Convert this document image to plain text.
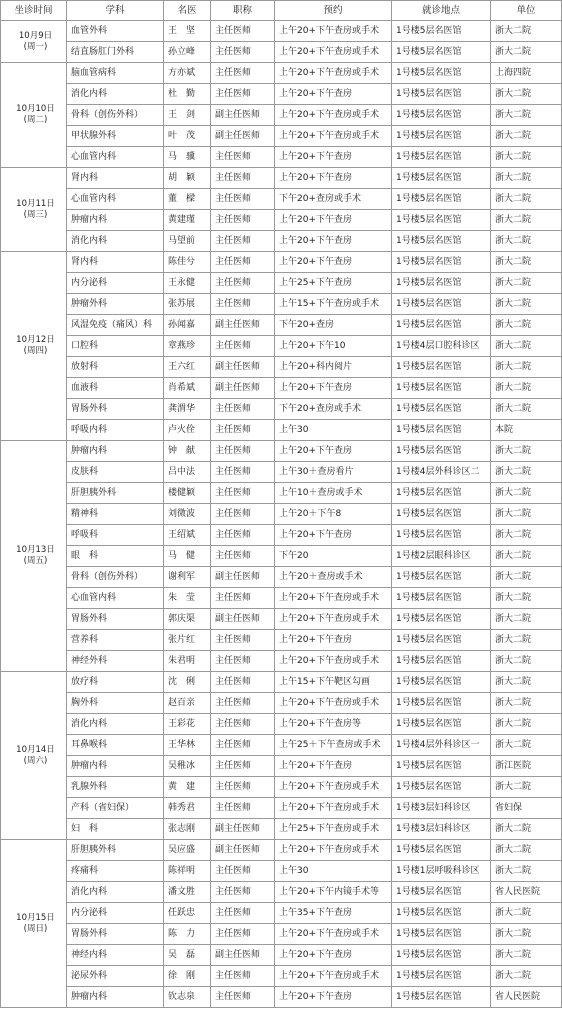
坐诊时间	学科	名医	职称	预约	就诊地点	单位

10月9日
(周一)	血管外科	王　坚	主任医师	上午20+下午查房或手术	1号楼5层名医馆	浙大二院
	结直肠肛门外科	孙立峰	主任医师	上午20+下午查房或手术	1号楼5层名医馆	浙大二院

10月10日
(周二)	脑血管病科	方亦斌	主任医师	上午20+下午查房或手术	1号楼5层名医馆	上海四院
	消化内科	杜　勤	主任医师	上午20+下午查房	1号楼5层名医馆	浙大二院
	骨科（创伤外科）	王　剑	副主任医师	上午20+下午查房或手术	1号楼5层名医馆	浙大二院
	甲状腺外科	叶　茂	副主任医师	上午20+下午查房或手术	1号楼5层名医馆	浙大二院
	心血管内科	马　骥	主任医师	上午20+下午查房	1号楼5层名医馆	浙大二院

10月11日
(周三)	肾内科	胡　颖	主任医师	上午20+下午查房	1号楼5层名医馆	浙大二院
	心血管内科	董　樑	主任医师	下午20+查房或手术	1号楼5层名医馆	浙大二院
	肿瘤内科	黄建瑾	主任医师	上午20+下午查房	1号楼5层名医馆	浙大二院
	消化内科	马望前	主任医师	上午20+下午查房	1号楼5层名医馆	浙大二院

10月12日
(周四)	肾内科	陈佳兮	主任医师	上午20+下午查房	1号楼5层名医馆	浙大二院
	内分泌科	王永健	主任医师	上午25+下午查房	1号楼5层名医馆	浙大二院
	肿瘤外科	张苏展	主任医师	上午15+下午查房或手术	1号楼5层名医馆	浙大二院
	风湿免疫（痛风）科	孙闻嘉	副主任医师	下午20+查房	1号楼5层名医馆	浙大二院
	口腔科	章燕珍	主任医师	上午20+下午10	1号楼4层口腔科诊区	浙大二院
	放射科	王六红	副主任医师	上午20+科内阅片	1号楼5层名医馆	浙大二院
	血液科	肖希斌	副主任医师	上午20+下午查房	1号楼5层名医馆	浙大二院
	胃肠外科	龚渭华	主任医师	下午20+查房或手术	1号楼5层名医馆	浙大二院
	呼吸内科	卢火佺	主任医师	上午30	1号楼5层名医馆	本院

10月13日
(周五)	肿瘤内科	钟　献	主任医师	上午20+下午查房	1号楼5层名医馆	浙大二院
	皮肤科	吕中法	主任医师	上午30＋查房看片	1号楼4层外科诊区二	浙大二院
	肝胆胰外科	楼健颖	主任医师	上午10＋查房或手术	1号楼5层名医馆	浙大二院
	精神科	刘微波	主任医师	上午20＋下午8	1号楼5层名医馆	浙大二院
	呼吸科	王绍斌	主任医师	上午20+下午查房	1号楼5层名医馆	浙大二院
	眼　科	马　健	主任医师	下午20	1号楼2层眼科诊区	浙大二院
	骨科（创伤外科）	谢利军	副主任医师	上午20＋查房或手术	1号楼5层名医馆	浙大二院
	心血管内科	朱　莹	主任医师	上午20+下午查房或手术	1号楼5层名医馆	浙大二院
	胃肠外科	郭庆渠	副主任医师	上午20+下午查房或手术	1号楼5层名医馆	浙大二院
	营养科	张片红	主任医师	上午20+下午查房	1号楼5层名医馆	浙大二院
	神经外科	朱君明	主任医师	上午20+下午查房或手术	1号楼5层名医馆	浙大二院

10月14日
(周六)	放疗科	沈　俐	主任医师	上午15+下午靶区勾画	1号楼5层名医馆	浙大二院
	胸外科	赵百亲	主任医师	上午20+下午查房或手术	1号楼5层名医馆	浙大二院
	消化内科	王彩花	主任医师	上午20+下午查房等	1号楼5层名医馆	浙大二院
	耳鼻喉科	王华林	主任医师	上午25＋下午查房或手术	1号楼4层外科诊区一	浙大二院
	肿瘤内科	吴稚冰	主任医师	上午20+下午查房	1号楼5层名医馆	浙江医院
	乳腺外科	黄　建	主任医师	上午20+下午查房或手术	1号楼5层名医馆	浙大二院
	产科（省妇保）	韩秀君	主任医师	上午20+下午查房或手术	1号楼3层妇科诊区	省妇保
	妇　科	张志刚	副主任医师	上午25+下午查房或手术	1号楼3层妇科诊区	浙大二院

10月15日
(周日)	肝胆胰外科	吴应盛	副主任医师	上午20+下午查房或手术	1号楼5层名医馆	浙大二院
	疼痛科	陈祥明	主任医师	上午30	1号楼1层呼吸科诊区	浙大二院
	消化内科	潘文胜	主任医师	上午20+下午内镜手术等	1号楼5层名医馆	省人民医院
	内分泌科	任跃忠	主任医师	上午35+下午查房	1号楼5层名医馆	浙大二院
	胃肠外科	陈　力	主任医师	上午20+下午查房或手术	1号楼5层名医馆	浙大二院
	神经内科	吴　磊	副主任医师	上午20+下午查房	1号楼5层名医馆	浙大二院
	泌尿外科	徐　刚	主任医师	上午20+下午查房或手术	1号楼5层名医馆	浙大二院
	肿瘤内科	钦志泉	主任医师	上午20+下午查房	1号楼5层名医馆	省人民医院
